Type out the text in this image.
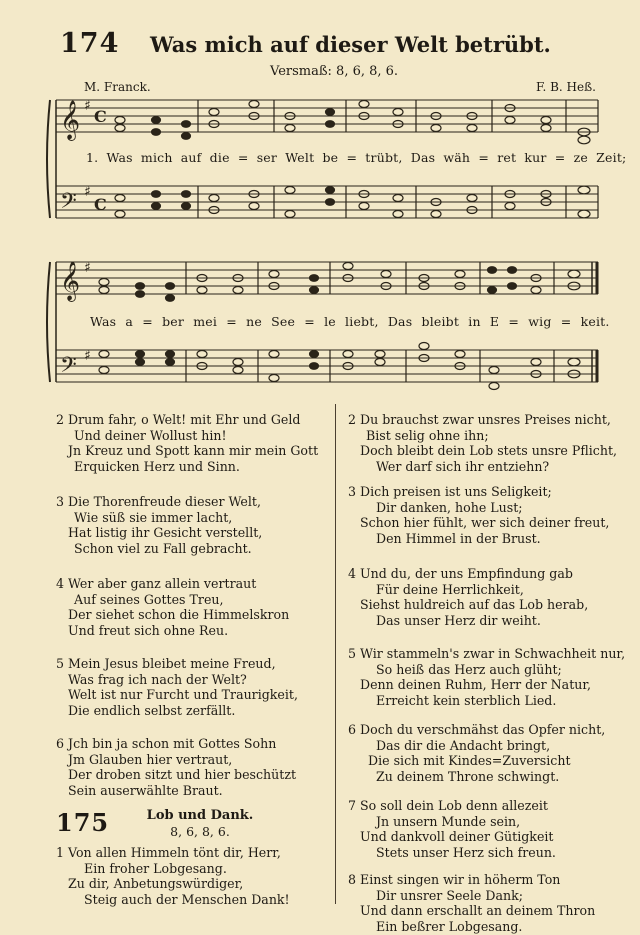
174 Was mich auf dieser Welt betrübt.
Versmaß: 8, 6, 8, 6.
M. Franck.	F. B. Heß.
𝄞
𝄞
𝄢
𝄢
♯
♯
♯
♯
C
C
1. Was mich auf die = ser Welt be = trübt, Das wäh = ret kur = ze Zeit;
Was a = ber mei = ne See = le liebt, Das bleibt in E = wig = keit.
2 Drum fahr, o Welt! mit Ehr und Geld
Und deiner Wollust hin!
Jn Kreuz und Spott kann mir mein Gott
Erquicken Herz und Sinn.
3 Die Thorenfreude dieser Welt,
Wie süß sie immer lacht,
Hat listig ihr Gesicht verstellt,
Schon viel zu Fall gebracht.
4 Wer aber ganz allein vertraut
Auf seines Gottes Treu,
Der siehet schon die Himmelskron
Und freut sich ohne Reu.
5 Mein Jesus bleibet meine Freud,
Was frag ich nach der Welt?
Welt ist nur Furcht und Traurigkeit,
Die endlich selbst zerfällt.
6 Jch bin ja schon mit Gottes Sohn
Jm Glauben hier vertraut,
Der droben sitzt und hier beschützt
Sein auserwählte Braut.
175	Lob und Dank.
8, 6, 8, 6.
1 Von allen Himmeln tönt dir, Herr,
Ein froher Lobgesang.
Zu dir, Anbetungswürdiger,
Steig auch der Menschen Dank!
2 Du brauchst zwar unsres Preises nicht,
Bist selig ohne ihn;
Doch bleibt dein Lob stets unsre Pflicht,
Wer darf sich ihr entziehn?
3 Dich preisen ist uns Seligkeit;
Dir danken, hohe Lust;
Schon hier fühlt, wer sich deiner freut,
Den Himmel in der Brust.
4 Und du, der uns Empfindung gab
Für deine Herrlichkeit,
Siehst huldreich auf das Lob herab,
Das unser Herz dir weiht.
5 Wir stammeln's zwar in Schwachheit nur,
So heiß das Herz auch glüht;
Denn deinen Ruhm, Herr der Natur,
Erreicht kein sterblich Lied.
6 Doch du verschmähst das Opfer nicht,
Das dir die Andacht bringt,
Die sich mit Kindes=Zuversicht
Zu deinem Throne schwingt.
7 So soll dein Lob denn allezeit
Jn unsern Munde sein,
Und dankvoll deiner Gütigkeit
Stets unser Herz sich freun.
8 Einst singen wir in höherm Ton
Dir unsrer Seele Dank;
Und dann erschallt an deinem Thron
Ein beßrer Lobgesang.
